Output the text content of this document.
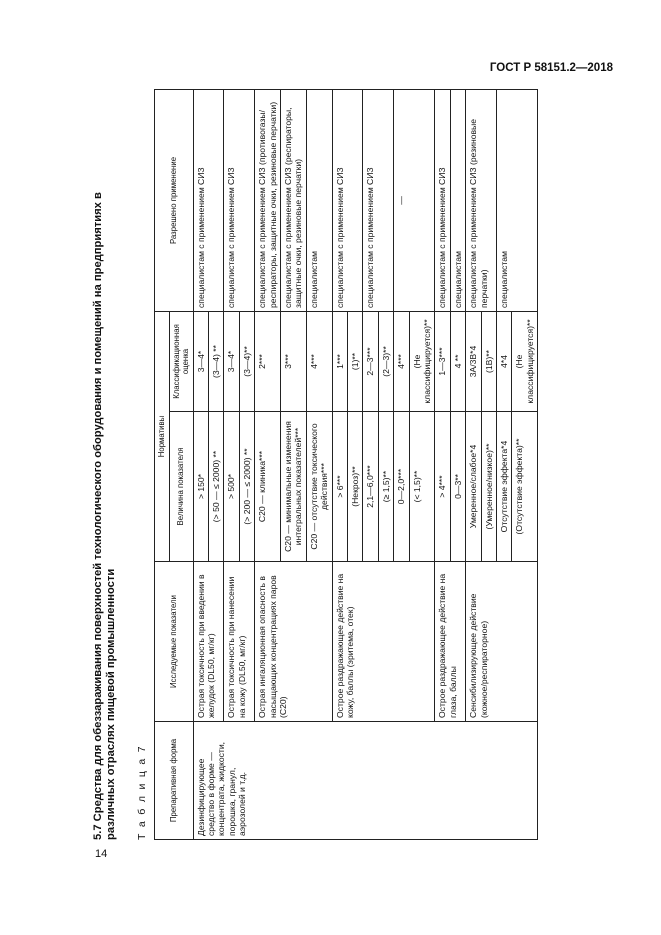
ГОСТ Р 58151.2—2018
14
5.7 Средства для обеззараживания поверхностей технологического оборудования и помещений на предприятиях в различных отраслях пищевой промышленности Т а б л и ц а 7	Препаративная форма	Исследуемые показатели	Нормативы		Разрешено применение
		Величина показателя	Классификационная оценка	
Дезинфицирующее средство в форме — концентрата, жидкости, порошка, гранул, аэрозолей и т.д.	Острая токсичность при введении в желудок (DL50, мг/кг)	> 150*	3—4*	специалистам с применением СИЗ
		(> 50 — ≤ 2000) **	(3—4) **	
	Острая токсичность при нанесении на кожу (DL50, мг/кг)	> 500*	3—4*	специалистам с применением СИЗ
		(> 200 — ≤ 2000) **	(3—4)**	
	Острая ингаляционная опасность в насыщающих концентрациях паров (C20)	C20 — клиника***	2***	специалистам с применением СИЗ (противогазы/респираторы, защитные очки, резиновые перчатки)
		C20 — минимальные изменения интегральных показателей***	3***	специалистам с применением СИЗ (респираторы, защитные очки, резиновые перчатки)
		C20 — отсутствие токсического действия***	4***	специалистам
	Острое раздражающее действие на кожу, баллы (эритема, отек)	> 6***	1***	специалистам с применением СИЗ
		(Некроз)**	(1)**	
		2,1—6,0***	2—3***	специалистам с применением СИЗ
		(≥ 1,5)**	(2—3)**	
		0—2,0***	4***	—
		(< 1,5)**	(Не классифицируется)**	
	Острое раздражающее действие на глаза, баллы	> 4***	1—3***	специалистам с применением СИЗ
		0—3**	4 **	специалистам
	Сенсибилизирующее действие (кожное/респираторное)	Умеренное/слабое*4	3А/3В*4	специалистам с применением СИЗ (резиновые перчатки)
		(Умеренное/низкое)**	(1В)**	
		Отсутствие эффекта*4	4*4	специалистам
		(Отсутствие эффекта)**	(Не классифицируется)**	
